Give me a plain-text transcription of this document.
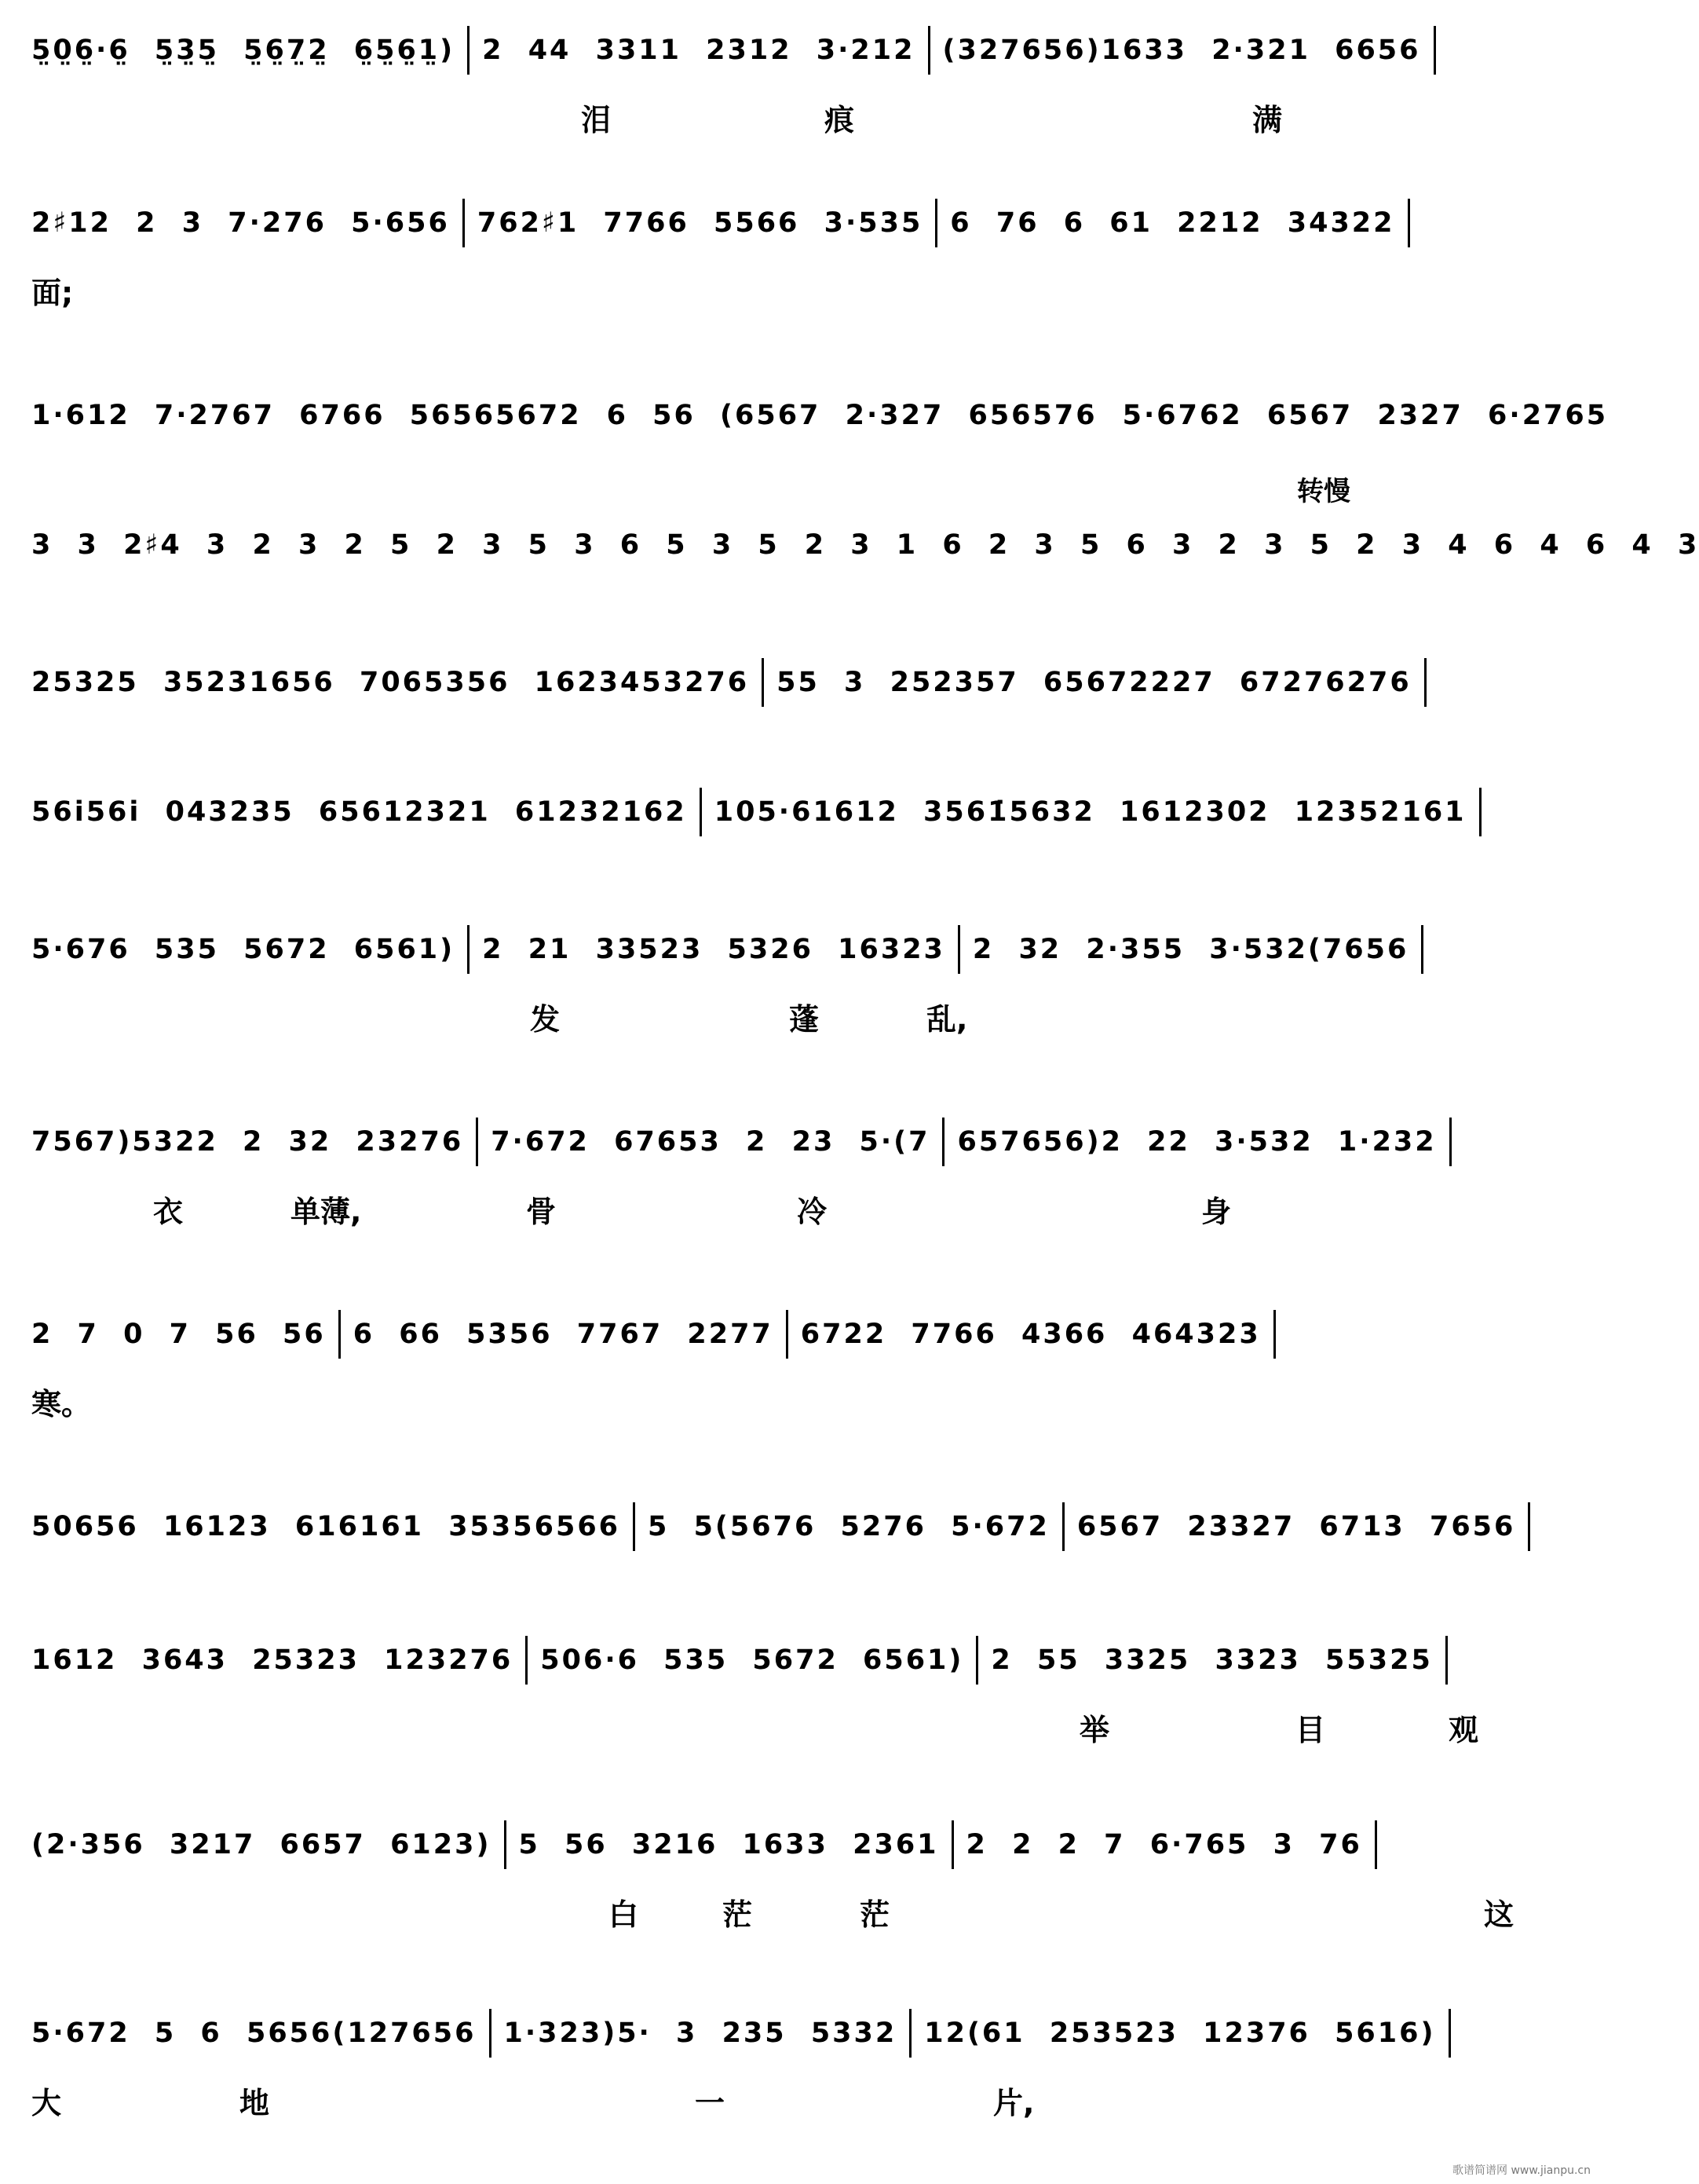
5̤0̤6̤·6̤ 5̤3̤5̤ 5̤6̤7̤2̤ 6̤5̤6̤1̤) 2 44 3311 2312 3·212 (327656)1633 2·321 6656
泪	痕	满
2♯12 2 3 7·276 5·656 762♯1 7766 5566 3·535 6 76 6 61 2212 34322
面;
1·612 7·2767 6766 56565672 6 56 (6567 2·327 656576 5·6762 6567 2327 6·2765
转慢
3 3 2♯4 3 2 3 2 5 2 3 5 3 6 5 3 5 2 3 1 6 2 3 5 6 3 2 3 5 2 3 4 6 4 6 4 3
25325 35231656 7065356 1623453276 55 3 252357 65672227 67276276
56i56i 043235 65612321 61232162 105·61612 3561̇5632 1612302 12352161
5·676 535 5672 6561) 2 21 33523 5326 16323 2 32 2·355 3·532(7656
发	蓬	乱,
7567)5322 2 32 23276 7·672 67653 2 23 5·(7 657656)2 22 3·532 1·232
衣	单薄,	骨	冷	身
2 7 0 7 56 56 6 66 5356 7767 2277 6722 7766 4366 464323
寒。
50656 16123 616161 35356566 5 5(5676 5276 5·672 6567 23327 6713 7656
1612 3643 25323 123276 506·6 535 5672 6561) 2 55 3325 3323 55325
举	目	观
(2·356 3217 6657 6123) 5 56 3216 1633 2361 2 2 2 7 6·765 3 76
白	茫	茫	这
5·672 5 6 5656(127656 1·323)5· 3 235 5332 12(61 253523 12376 5616)
大	地	一	片,
歌谱简谱网 www.jianpu.cn
